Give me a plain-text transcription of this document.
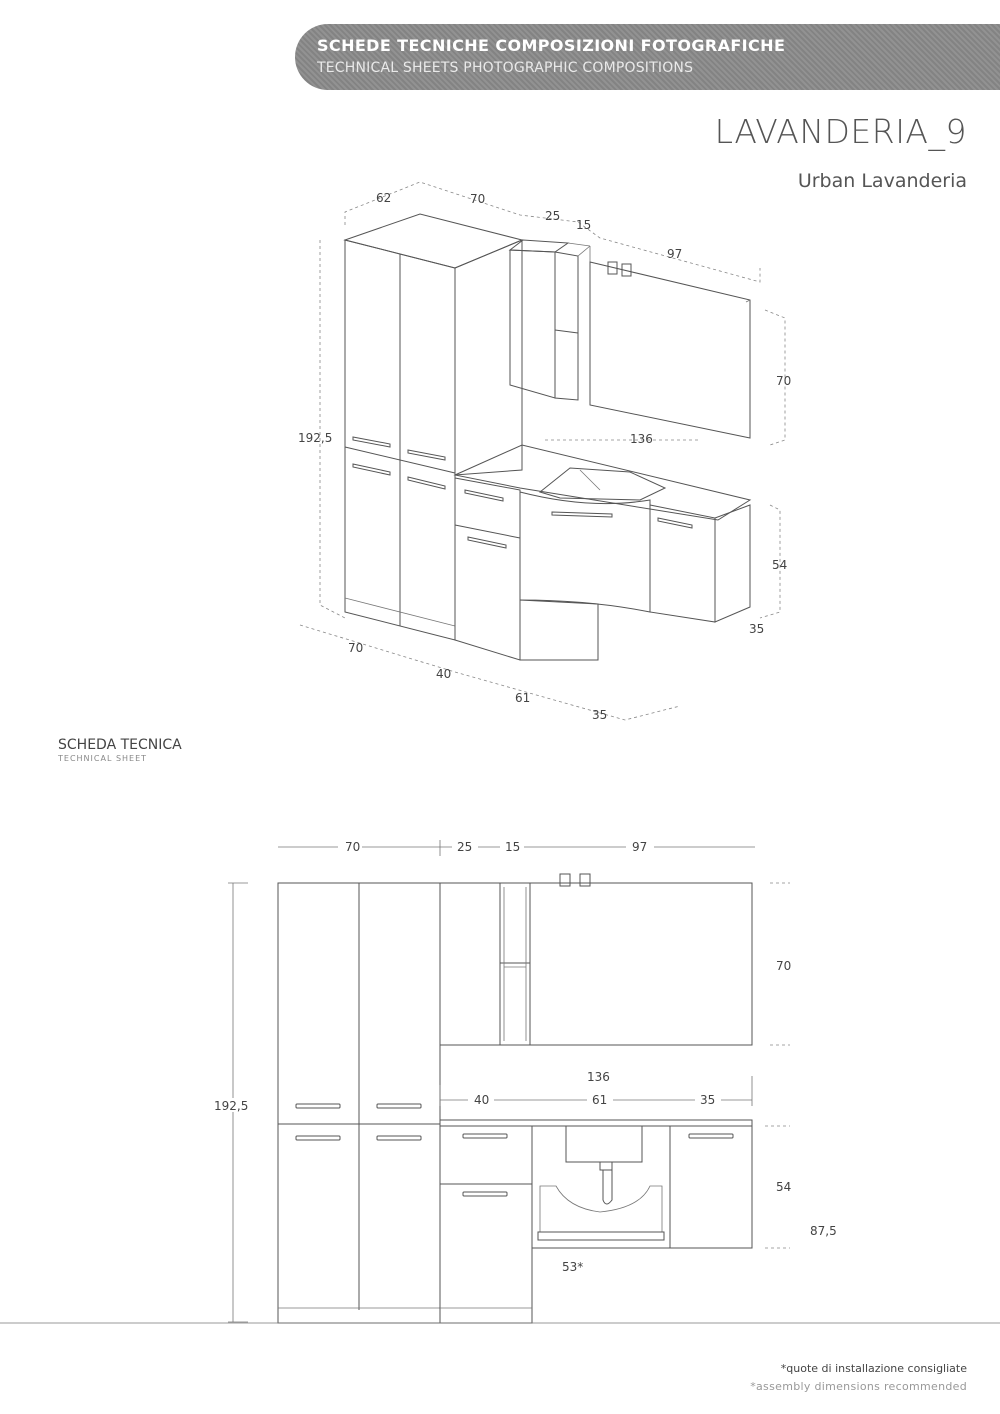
SCHEDE TECNICHE COMPOSIZIONI FOTOGRAFICHE
TECHNICAL SHEETS PHOTOGRAPHIC COMPOSITIONS
LAVANDERIA_9
Urban Lavanderia
62	70
25
15
97
192,5
70
136
54
70
40
61
35
35
70	25	15	97
192,5
70
136
40	61	35
54
87,5
53*
SCHEDA TECNICA
TECHNICAL SHEET
*quote di installazione consigliate
*assembly dimensions recommended
